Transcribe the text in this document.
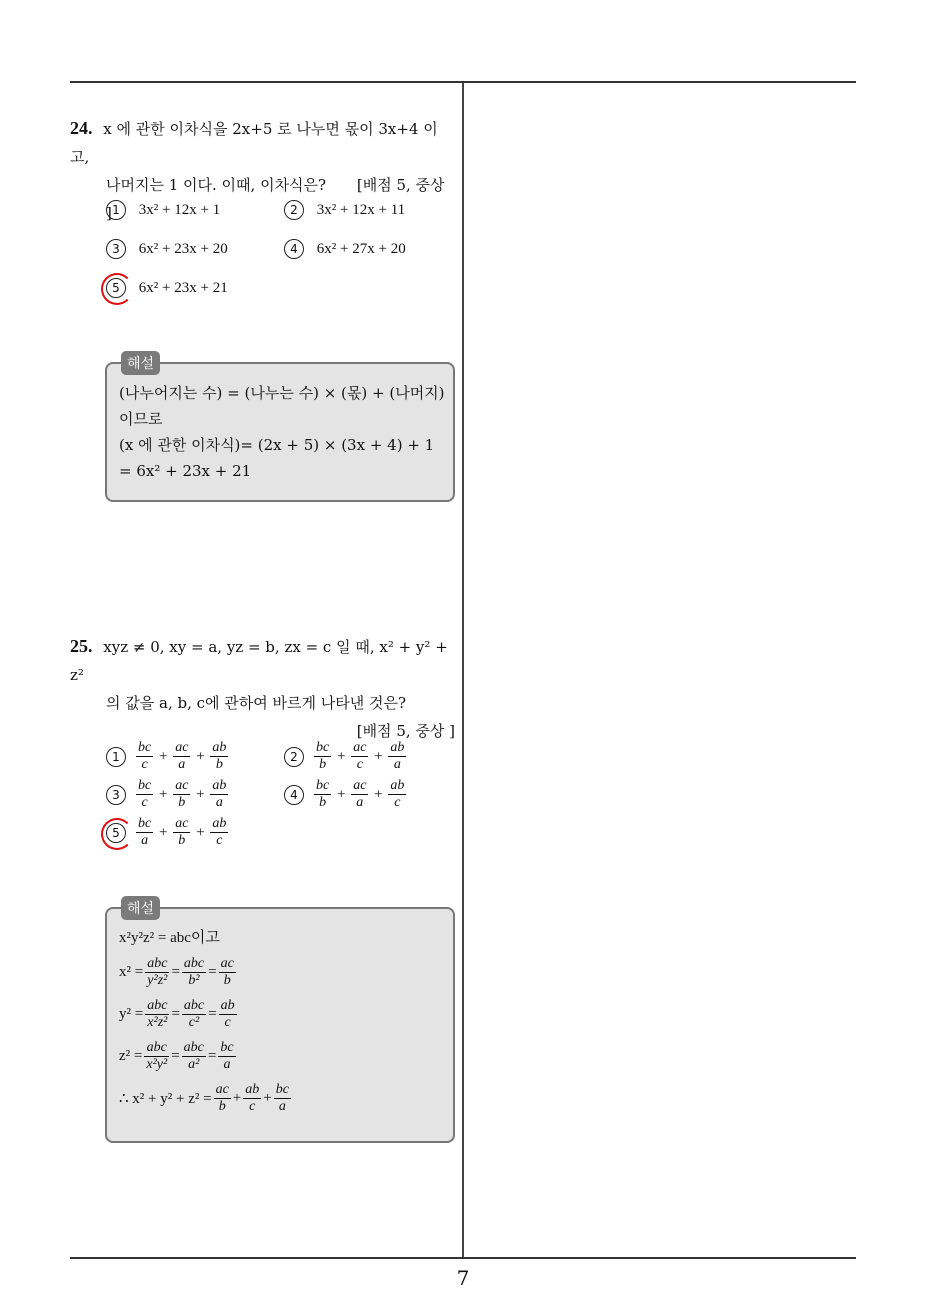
7
24. x 에 관한 이차식을 2x+5 로 나누면 몫이 3x+4 이고,
나머지는 1 이다. 이때, 이차식은? [배점 5, 중상 ] 1 3x² + 12x + 1	2 3x² + 12x + 11
3 6x² + 23x + 20	4 6x² + 27x + 20
5 6x² + 23x + 21
해설
(나누어지는 수) = (나누는 수) × (몫) + (나머지)
이므로
(x 에 관한 이차식)= (2x + 5) × (3x + 4) + 1
= 6x² + 23x + 21
25. xyz ≠ 0, xy = a, yz = b, zx = c 일 때, x² + y² + z²
의 값을 a, b, c에 관하여 바르게 나타낸 것은?
[배점 5, 중상 ]
$1 \frac{bc}{c} + \frac{ac}{a} + \frac{ab}{b}$	$2 \frac{bc}{b} + \frac{ac}{c} + \frac{ab}{a}$
$3 \frac{bc}{c} + \frac{ac}{b} + \frac{ab}{a}$	$4 \frac{bc}{b} + \frac{ac}{a} + \frac{ab}{c}$
$5 \frac{bc}{a} + \frac{ac}{b} + \frac{ab}{c}$
해설
x²y²z² = abc이고
$x^2 = \frac{\text{abc}}{\text{y²z²}} = \frac{\text{abc}}{\text{b²}} = \frac{ac}{b}$
$y^2 = \frac{\text{abc}}{\text{x²z²}} = \frac{\text{abc}}{\text{c²}} = \frac{ab}{c}$
$z^2 = \frac{\text{abc}}{\text{x²y²}} = \frac{\text{abc}}{\text{a²}} = \frac{bc}{a}$
∴ $x^2 + y^2 + z^2 = \frac{ac}{b} + \frac{ab}{c} + \frac{bc}{a}$
